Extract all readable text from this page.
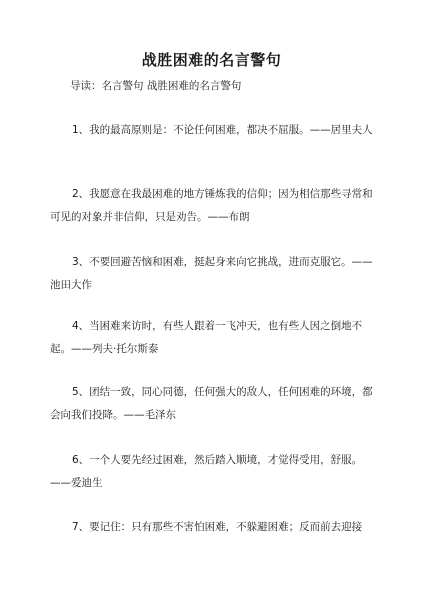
战胜困难的名言警句
导读：名言警句 战胜困难的名言警句

1、我的最高原则是：不论任何困难，都决不屈服。——居里夫人

2、我愿意在我最困难的地方锤炼我的信仰；因为相信那些寻常和可见的对象并非信仰，只是劝告。——布朗

3、不要回避苦恼和困难，挺起身来向它挑战，进而克服它。——池田大作

4、当困难来访时，有些人跟着一飞冲天，也有些人因之倒地不起。——列夫·托尔斯泰

5、团结一致，同心同德，任何强大的敌人，任何困难的环境，都会向我们投降。——毛泽东

6、一个人要先经过困难，然后踏入顺境，才觉得受用，舒服。——爱迪生

7、要记住：只有那些不害怕困难，不躲避困难；反而前去迎接
